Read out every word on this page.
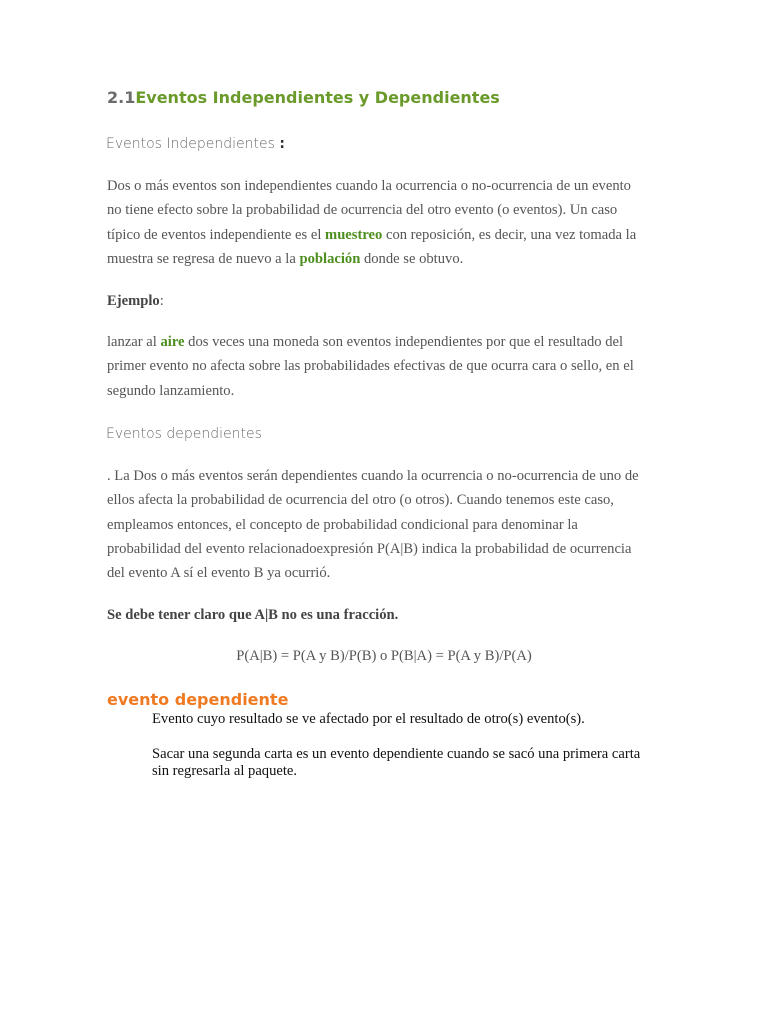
2.1Eventos Independientes y Dependientes
Eventos Independientes :
Dos o más eventos son independientes cuando la ocurrencia o no-ocurrencia de un evento
no tiene efecto sobre la probabilidad de ocurrencia del otro evento (o eventos). Un caso
típico de eventos independiente es el muestreo con reposición, es decir, una vez tomada la
muestra se regresa de nuevo a la población donde se obtuvo.
Ejemplo:
lanzar al aire dos veces una moneda son eventos independientes por que el resultado del
primer evento no afecta sobre las probabilidades efectivas de que ocurra cara o sello, en el
segundo lanzamiento.
Eventos dependientes
. La Dos o más eventos serán dependientes cuando la ocurrencia o no-ocurrencia de uno de
ellos afecta la probabilidad de ocurrencia del otro (o otros). Cuando tenemos este caso,
empleamos entonces, el concepto de probabilidad condicional para denominar la
probabilidad del evento relacionadoexpresión P(A|B) indica la probabilidad de ocurrencia
del evento A sí el evento B ya ocurrió.
Se debe tener claro que A|B no es una fracción.
P(A|B) = P(A y B)/P(B) o P(B|A) = P(A y B)/P(A)
evento dependiente
Evento cuyo resultado se ve afectado por el resultado de otro(s) evento(s).
Sacar una segunda carta es un evento dependiente cuando se sacó una primera carta
sin regresarla al paquete.
